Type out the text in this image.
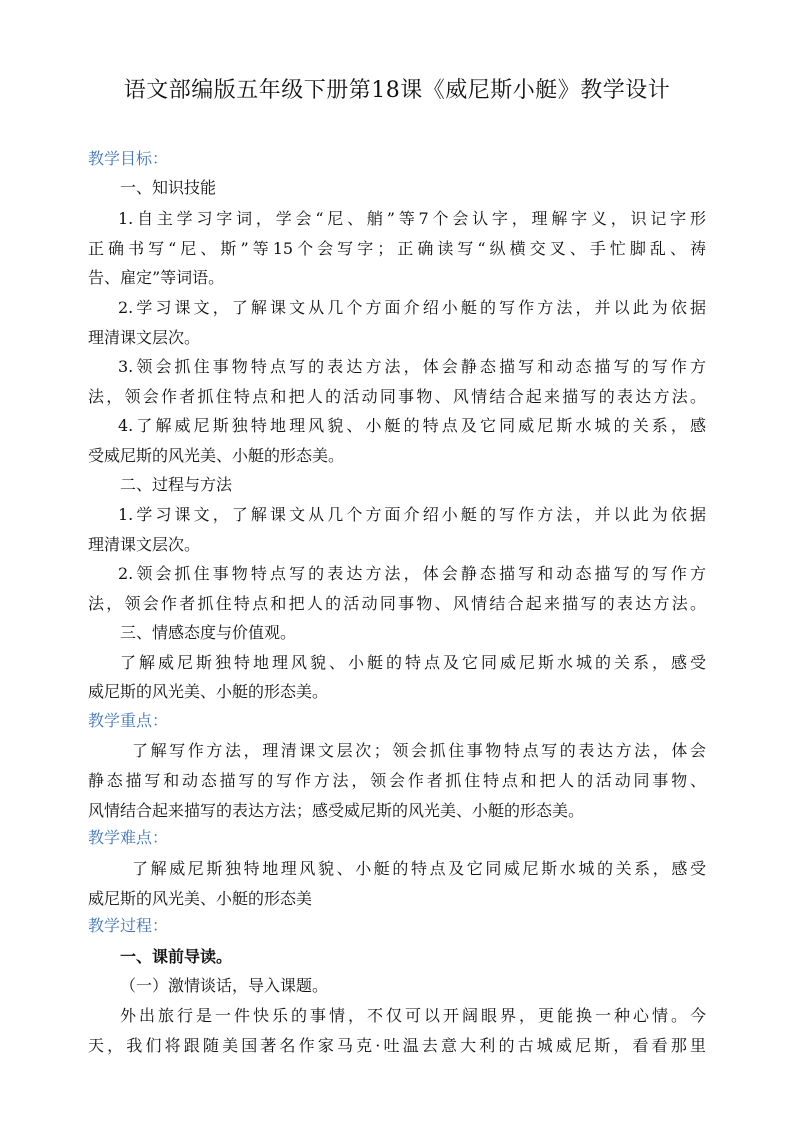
语文部编版五年级下册第18课《威尼斯小艇》教学设计
教学目标：
一、知识技能
1.自主学习字词，学会“尼、艄”等7个会认字，理解字义，识记字形
正确书写“尼、斯”等15个会写字；正确读写“纵横交叉、手忙脚乱、祷
告、雇定”等词语。
2.学习课文，了解课文从几个方面介绍小艇的写作方法，并以此为依据
理清课文层次。
3.领会抓住事物特点写的表达方法，体会静态描写和动态描写的写作方
法，领会作者抓住特点和把人的活动同事物、风情结合起来描写的表达方法。
4.了解威尼斯独特地理风貌、小艇的特点及它同威尼斯水城的关系，感
受威尼斯的风光美、小艇的形态美。
二、过程与方法
1.学习课文，了解课文从几个方面介绍小艇的写作方法，并以此为依据
理清课文层次。
2.领会抓住事物特点写的表达方法，体会静态描写和动态描写的写作方
法，领会作者抓住特点和把人的活动同事物、风情结合起来描写的表达方法。
三、情感态度与价值观。
了解威尼斯独特地理风貌、小艇的特点及它同威尼斯水城的关系，感受
威尼斯的风光美、小艇的形态美。
教学重点：
了解写作方法，理清课文层次；领会抓住事物特点写的表达方法，体会
静态描写和动态描写的写作方法，领会作者抓住特点和把人的活动同事物、
风情结合起来描写的表达方法；感受威尼斯的风光美、小艇的形态美。
教学难点：
了解威尼斯独特地理风貌、小艇的特点及它同威尼斯水城的关系，感受
威尼斯的风光美、小艇的形态美
教学过程：
一、课前导读。
（一）激情谈话，导入课题。
外出旅行是一件快乐的事情，不仅可以开阔眼界，更能换一种心情。今
天，我们将跟随美国著名作家马克·吐温去意大利的古城威尼斯，看看那里
